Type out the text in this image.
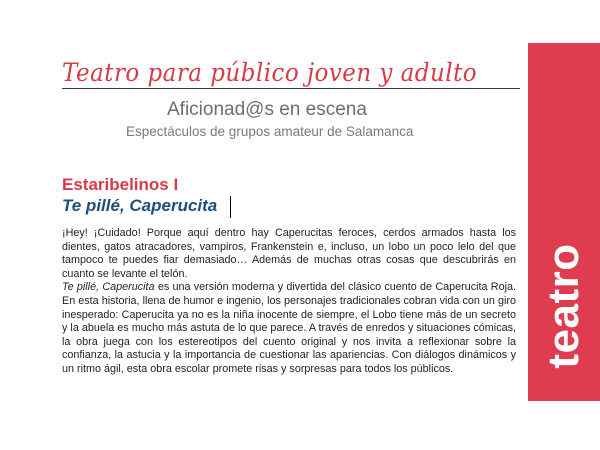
Teatro para público joven y adulto
Aficionad@s en escena
Espectáculos de grupos amateur de Salamanca
teatro
Estaribelinos I
Te pillé, Caperucita

¡Hey! ¡Cuidado! Porque aquí dentro hay Caperucitas feroces, cerdos armados hasta los dientes, gatos atracadores, vampiros, Frankenstein e, incluso, un lobo un poco lelo del que tampoco te puedes fiar demasiado… Además de muchas otras cosas que descubrirás en cuanto se levante el telón.

Te pillé, Caperucita es una versión moderna y divertida del clásico cuento de Caperucita Roja. En esta historia, llena de humor e ingenio, los personajes tradicionales cobran vida con un giro inesperado: Caperucita ya no es la niña inocente de siempre, el Lobo tiene más de un secreto y la abuela es mucho más astuta de lo que parece. A través de enredos y situaciones cómicas, la obra juega con los estereotipos del cuento original y nos invita a reflexionar sobre la confianza, la astucia y la importancia de cuestionar las apariencias. Con diálogos dinámicos y un ritmo ágil, esta obra escolar promete risas y sorpresas para todos los públicos.
